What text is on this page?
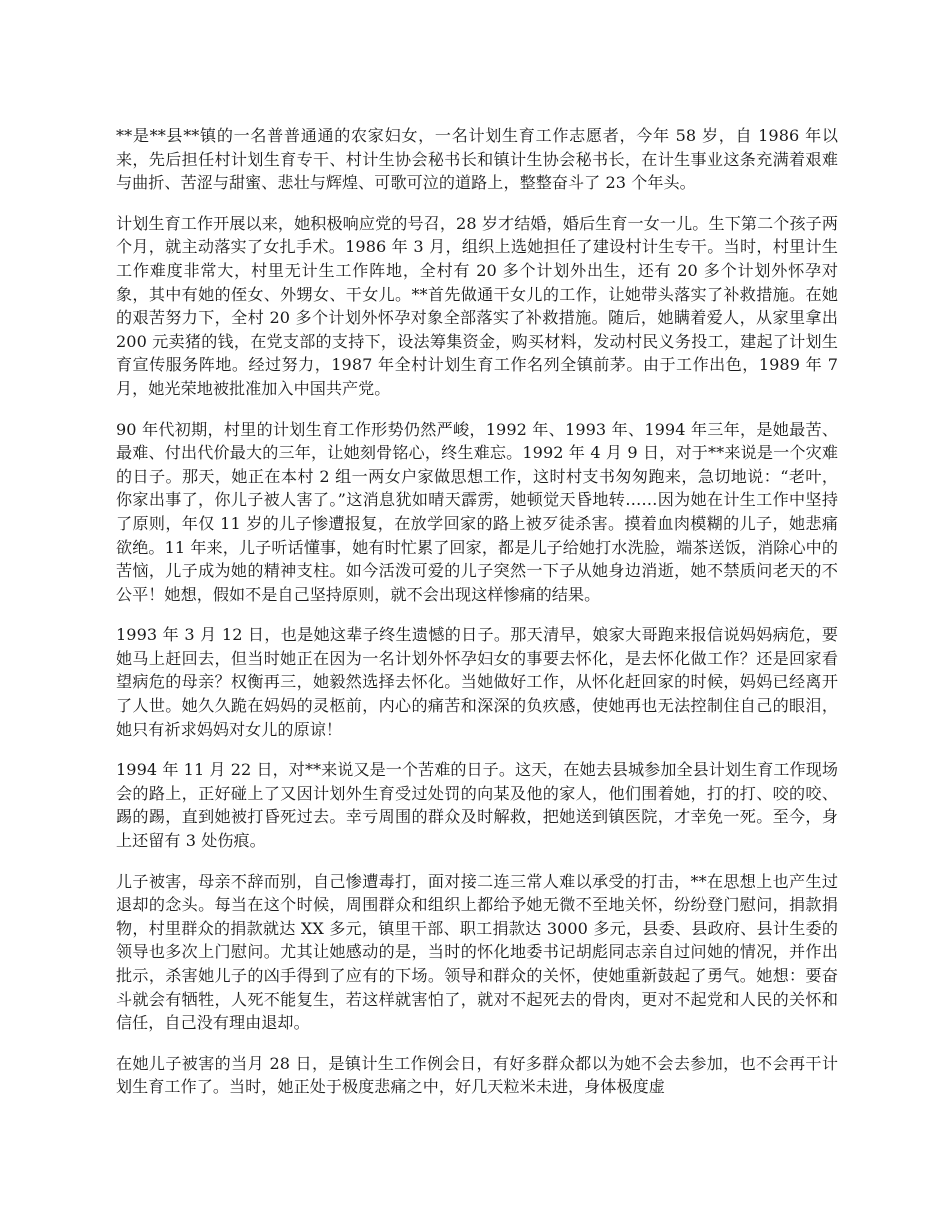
**是**县**镇的一名普普通通的农家妇女，一名计划生育工作志愿者，今年 58 岁，自 1986 年以来，先后担任村计划生育专干、村计生协会秘书长和镇计生协会秘书长，在计生事业这条充满着艰难与曲折、苦涩与甜蜜、悲壮与辉煌、可歌可泣的道路上，整整奋斗了 23 个年头。

计划生育工作开展以来，她积极响应党的号召，28 岁才结婚，婚后生育一女一儿。生下第二个孩子两个月，就主动落实了女扎手术。1986 年 3 月，组织上选她担任了建设村计生专干。当时，村里计生工作难度非常大，村里无计生工作阵地，全村有 20 多个计划外出生，还有 20 多个计划外怀孕对象，其中有她的侄女、外甥女、干女儿。**首先做通干女儿的工作，让她带头落实了补救措施。在她的艰苦努力下，全村 20 多个计划外怀孕对象全部落实了补救措施。随后，她瞒着爱人，从家里拿出 200 元卖猪的钱，在党支部的支持下，设法筹集资金，购买材料，发动村民义务投工，建起了计划生育宣传服务阵地。经过努力，1987 年全村计划生育工作名列全镇前茅。由于工作出色，1989 年 7 月，她光荣地被批准加入中国共产党。

90 年代初期，村里的计划生育工作形势仍然严峻，1992 年、1993 年、1994 年三年，是她最苦、最难、付出代价最大的三年，让她刻骨铭心，终生难忘。1992 年 4 月 9 日，对于**来说是一个灾难的日子。那天，她正在本村 2 组一两女户家做思想工作，这时村支书匆匆跑来，急切地说：“老叶，你家出事了，你儿子被人害了。”这消息犹如晴天霹雳，她顿觉天昏地转……因为她在计生工作中坚持了原则，年仅 11 岁的儿子惨遭报复，在放学回家的路上被歹徒杀害。摸着血肉模糊的儿子，她悲痛欲绝。11 年来，儿子听话懂事，她有时忙累了回家，都是儿子给她打水洗脸，端茶送饭，消除心中的苦恼，儿子成为她的精神支柱。如今活泼可爱的儿子突然一下子从她身边消逝，她不禁质问老天的不公平！她想，假如不是自己坚持原则，就不会出现这样惨痛的结果。

1993 年 3 月 12 日，也是她这辈子终生遗憾的日子。那天清早，娘家大哥跑来报信说妈妈病危，要她马上赶回去，但当时她正在因为一名计划外怀孕妇女的事要去怀化，是去怀化做工作？还是回家看望病危的母亲？权衡再三，她毅然选择去怀化。当她做好工作，从怀化赶回家的时候，妈妈已经离开了人世。她久久跪在妈妈的灵柩前，内心的痛苦和深深的负疚感，使她再也无法控制住自己的眼泪，她只有祈求妈妈对女儿的原谅！

1994 年 11 月 22 日，对**来说又是一个苦难的日子。这天，在她去县城参加全县计划生育工作现场会的路上，正好碰上了又因计划外生育受过处罚的向某及他的家人，他们围着她，打的打、咬的咬、踢的踢，直到她被打昏死过去。幸亏周围的群众及时解救，把她送到镇医院，才幸免一死。至今，身上还留有 3 处伤痕。

儿子被害，母亲不辞而别，自己惨遭毒打，面对接二连三常人难以承受的打击，**在思想上也产生过退却的念头。每当在这个时候，周围群众和组织上都给予她无微不至地关怀，纷纷登门慰问，捐款捐物，村里群众的捐款就达 XX 多元，镇里干部、职工捐款达 3000 多元，县委、县政府、县计生委的领导也多次上门慰问。尤其让她感动的是，当时的怀化地委书记胡彪同志亲自过问她的情况，并作出批示，杀害她儿子的凶手得到了应有的下场。领导和群众的关怀，使她重新鼓起了勇气。她想：要奋斗就会有牺牲，人死不能复生，若这样就害怕了，就对不起死去的骨肉，更对不起党和人民的关怀和信任，自己没有理由退却。

在她儿子被害的当月 28 日，是镇计生工作例会日，有好多群众都以为她不会去参加，也不会再干计划生育工作了。当时，她正处于极度悲痛之中，好几天粒米未进，身体极度虚
